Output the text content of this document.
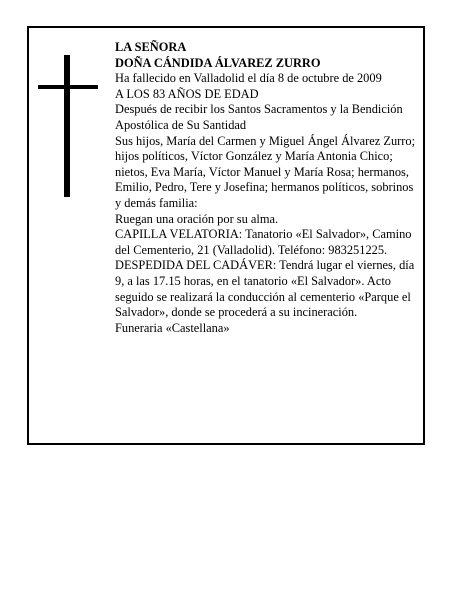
LA SEÑORA

DOÑA CÁNDIDA ÁLVAREZ ZURRO

Ha fallecido en Valladolid el día 8 de octubre de 2009

A LOS 83 AÑOS DE EDAD

Después de recibir los Santos Sacramentos y la Bendición Apostólica de Su Santidad

Sus hijos, María del Carmen y Miguel Ángel Álvarez Zurro; hijos políticos, Víctor González y María Antonia Chico; nietos, Eva María, Víctor Manuel y María Rosa; hermanos, Emilio, Pedro, Tere y Josefina; hermanos políticos, sobrinos y demás familia:

Ruegan una oración por su alma.

CAPILLA VELATORIA: Tanatorio «El Salvador», Camino del Cementerio, 21 (Valladolid). Teléfono: 983251225.

DESPEDIDA DEL CADÁVER: Tendrá lugar el viernes, día 9, a las 17.15 horas, en el tanatorio «El Salvador». Acto seguido se realizará la conducción al cementerio «Parque el Salvador», donde se procederá a su incineración.

Funeraria «Castellana»
